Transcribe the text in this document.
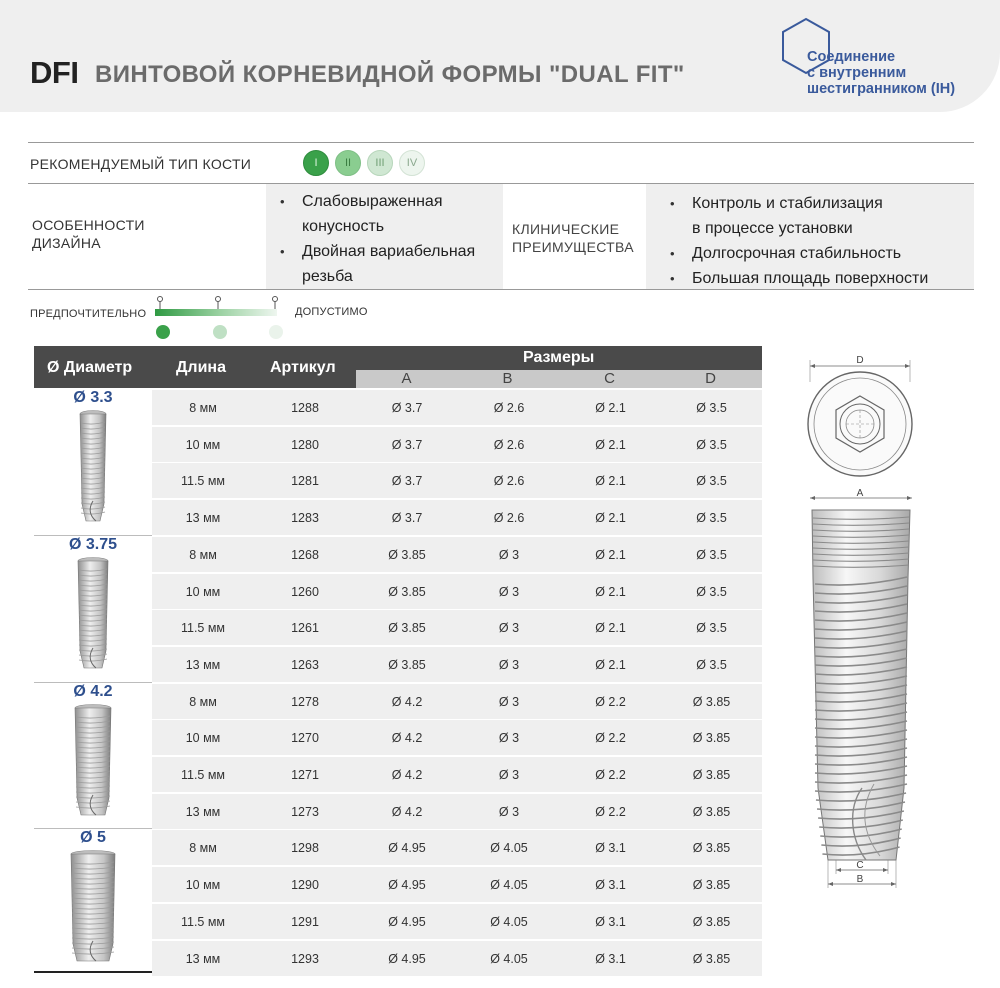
DFI ВИНТОВОЙ КОРНЕВИДНОЙ ФОРМЫ "DUAL FIT"
Соединение
с внутренним
шестигранником (IH)
РЕКОМЕНДУЕМЫЙ ТИП КОСТИ	I	II	III	IV
ОСОБЕННОСТИ
ДИЗАЙНА
• Слабовыраженная
конусность
• Двойная вариабельная
резьба
КЛИНИЧЕСКИЕ
ПРЕИМУЩЕСТВА
• Контроль и стабилизация
в процессе установки
• Долгосрочная стабильность
• Большая площадь поверхности
ПРЕДПОЧТИТЕЛЬНО	ДОПУСТИМО
Ø Диаметр	Длина	Артикул
Размеры
A	B	C	D
8 мм	1288	Ø 3.7	Ø 2.6	Ø 2.1	Ø 3.5
10 мм	1280	Ø 3.7	Ø 2.6	Ø 2.1	Ø 3.5
11.5 мм	1281	Ø 3.7	Ø 2.6	Ø 2.1	Ø 3.5
13 мм	1283	Ø 3.7	Ø 2.6	Ø 2.1	Ø 3.5
8 мм	1268	Ø 3.85	Ø 3	Ø 2.1	Ø 3.5
10 мм	1260	Ø 3.85	Ø 3	Ø 2.1	Ø 3.5
11.5 мм	1261	Ø 3.85	Ø 3	Ø 2.1	Ø 3.5
13 мм	1263	Ø 3.85	Ø 3	Ø 2.1	Ø 3.5
8 мм	1278	Ø 4.2	Ø 3	Ø 2.2	Ø 3.85
10 мм	1270	Ø 4.2	Ø 3	Ø 2.2	Ø 3.85
11.5 мм	1271	Ø 4.2	Ø 3	Ø 2.2	Ø 3.85
13 мм	1273	Ø 4.2	Ø 3	Ø 2.2	Ø 3.85
8 мм	1298	Ø 4.95	Ø 4.05	Ø 3.1	Ø 3.85
10 мм	1290	Ø 4.95	Ø 4.05	Ø 3.1	Ø 3.85
11.5 мм	1291	Ø 4.95	Ø 4.05	Ø 3.1	Ø 3.85
13 мм	1293	Ø 4.95	Ø 4.05	Ø 3.1	Ø 3.85
D
A
C
B
Ø 3.3
Ø 3.75
Ø 4.2
Ø 5
